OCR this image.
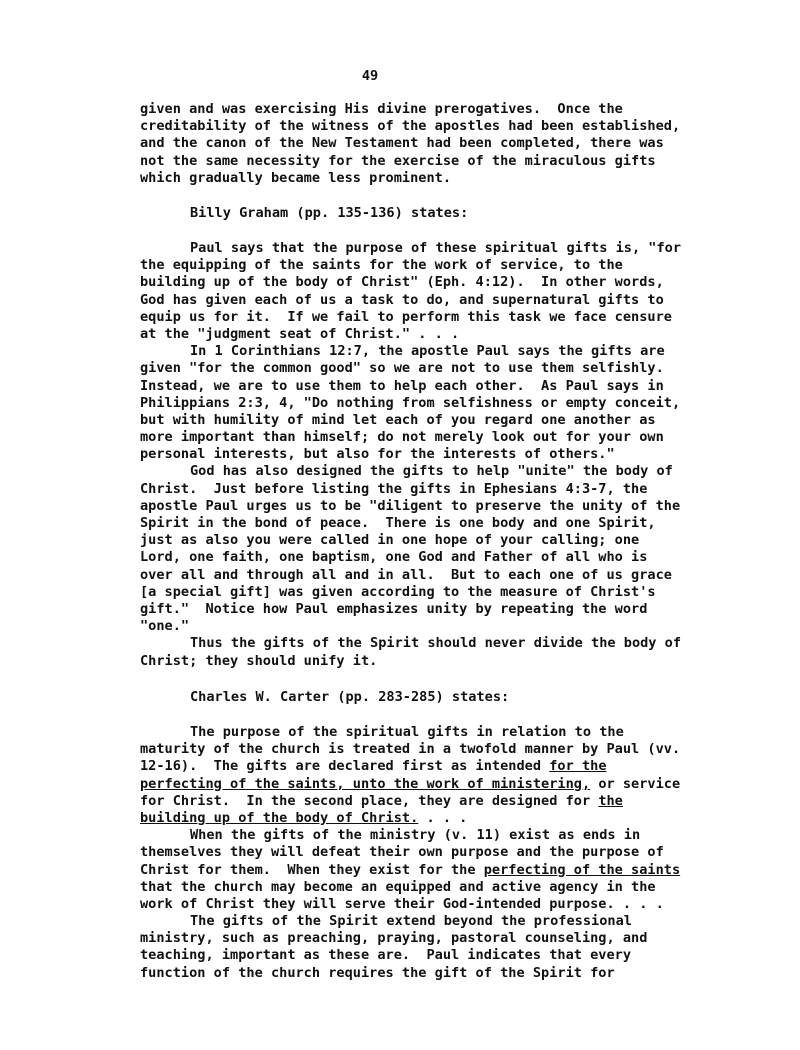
49
given and was exercising His divine prerogatives.  Once the
creditability of the witness of the apostles had been established,
and the canon of the New Testament had been completed, there was
not the same necessity for the exercise of the miraculous gifts
which gradually became less prominent.
Billy Graham (pp. 135-136) states:
Paul says that the purpose of these spiritual gifts is, "for
the equipping of the saints for the work of service, to the
building up of the body of Christ" (Eph. 4:12).  In other words,
God has given each of us a task to do, and supernatural gifts to
equip us for it.  If we fail to perform this task we face censure
at the "judgment seat of Christ." . . .
In 1 Corinthians 12:7, the apostle Paul says the gifts are
given "for the common good" so we are not to use them selfishly.
Instead, we are to use them to help each other.  As Paul says in
Philippians 2:3, 4, "Do nothing from selfishness or empty conceit,
but with humility of mind let each of you regard one another as
more important than himself; do not merely look out for your own
personal interests, but also for the interests of others."
God has also designed the gifts to help "unite" the body of
Christ.  Just before listing the gifts in Ephesians 4:3-7, the
apostle Paul urges us to be "diligent to preserve the unity of the
Spirit in the bond of peace.  There is one body and one Spirit,
just as also you were called in one hope of your calling; one
Lord, one faith, one baptism, one God and Father of all who is
over all and through all and in all.  But to each one of us grace
[a special gift] was given according to the measure of Christ's
gift."  Notice how Paul emphasizes unity by repeating the word
"one."
Thus the gifts of the Spirit should never divide the body of
Christ; they should unify it.
Charles W. Carter (pp. 283-285) states:
The purpose of the spiritual gifts in relation to the
maturity of the church is treated in a twofold manner by Paul (vv.
12-16).  The gifts are declared first as intended for the
perfecting of the saints, unto the work of ministering, or service
for Christ.  In the second place, they are designed for the
building up of the body of Christ. . . .
When the gifts of the ministry (v. 11) exist as ends in
themselves they will defeat their own purpose and the purpose of
Christ for them.  When they exist for the perfecting of the saints
that the church may become an equipped and active agency in the
work of Christ they will serve their God-intended purpose. . . .
The gifts of the Spirit extend beyond the professional
ministry, such as preaching, praying, pastoral counseling, and
teaching, important as these are.  Paul indicates that every
function of the church requires the gift of the Spirit for
